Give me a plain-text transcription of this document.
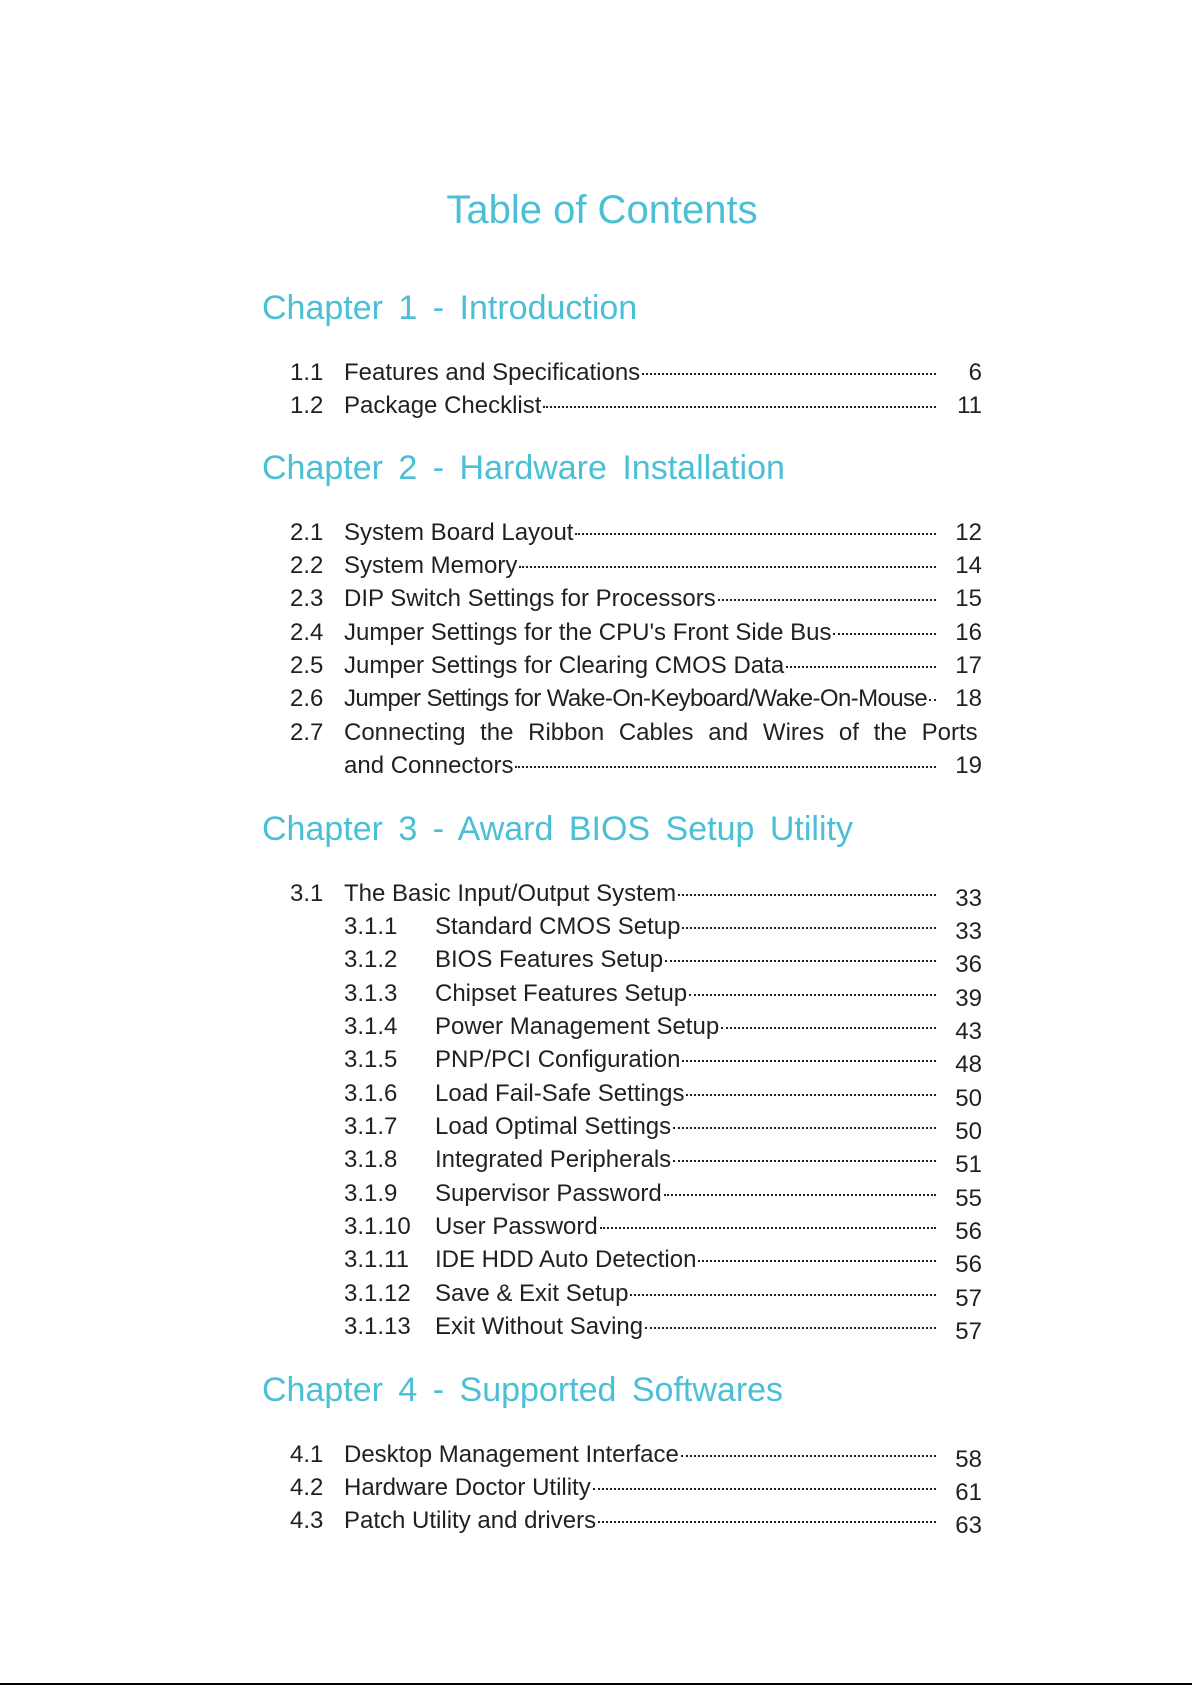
Table of Contents
Chapter 1 - Introduction
1.1 Features and Specifications	6
1.2 Package Checklist	11
Chapter 2 - Hardware Installation
2.1 System Board Layout	12
2.2 System Memory	14
2.3 DIP Switch Settings for Processors	15
2.4 Jumper Settings for the CPU's Front Side Bus	16
2.5 Jumper Settings for Clearing CMOS Data	17
2.6 Jumper Settings for Wake-On-Keyboard/Wake-On-Mouse	18
2.7 Connecting the Ribbon Cables and Wires of the Ports
and Connectors	19
Chapter 3 - Award BIOS Setup Utility
3.1 The Basic Input/Output System	33
3.1.1 Standard CMOS Setup	33
3.1.2 BIOS Features Setup	36
3.1.3 Chipset Features Setup	39
3.1.4 Power Management Setup	43
3.1.5 PNP/PCI Configuration	48
3.1.6 Load Fail-Safe Settings	50
3.1.7 Load Optimal Settings	50
3.1.8 Integrated Peripherals	51
3.1.9 Supervisor Password	55
3.1.10 User Password	56
3.1.11 IDE HDD Auto Detection	56
3.1.12 Save & Exit Setup	57
3.1.13 Exit Without Saving	57
Chapter 4 - Supported Softwares
4.1 Desktop Management Interface	58
4.2 Hardware Doctor Utility	61
4.3 Patch Utility and drivers	63
